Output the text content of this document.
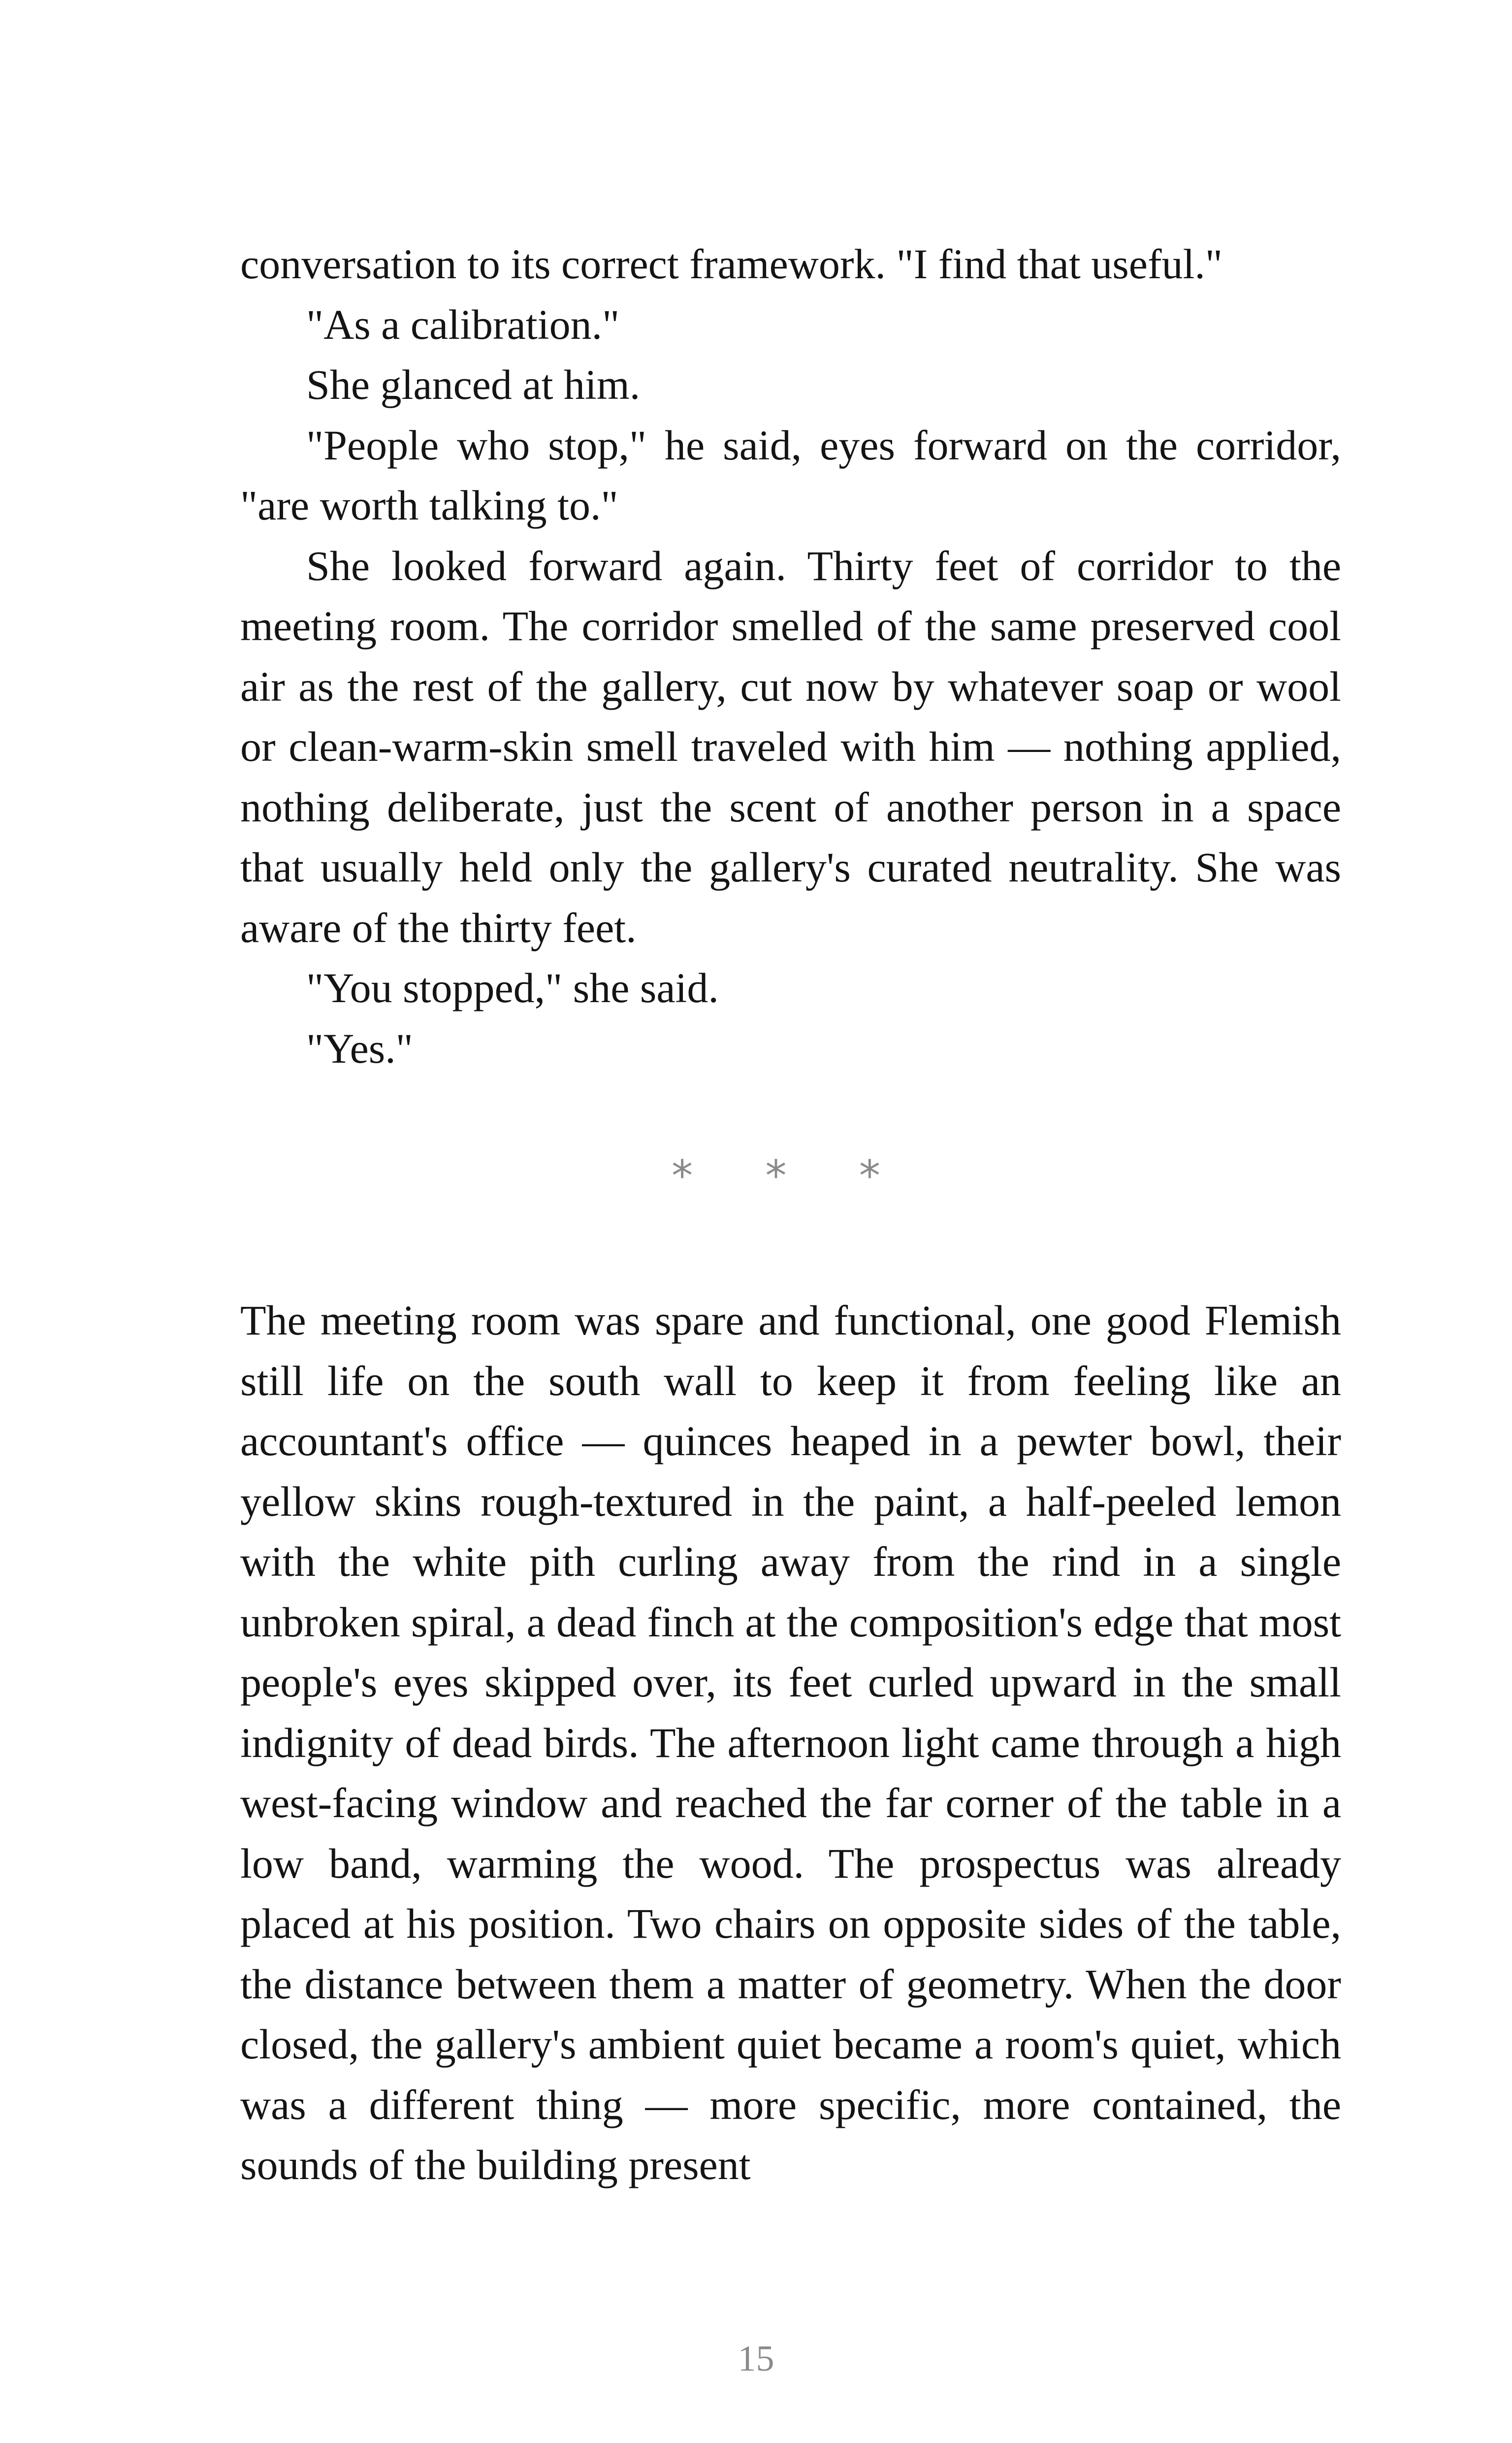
conversation to its correct framework. "I find that useful."

"As a calibration."

She glanced at him.

"People who stop," he said, eyes forward on the corridor, "are worth talking to."

She looked forward again. Thirty feet of corridor to the meeting room. The corridor smelled of the same preserved cool air as the rest of the gallery, cut now by whatever soap or wool or clean-warm-skin smell traveled with him — nothing applied, nothing deliberate, just the scent of another person in a space that usually held only the gallery's curated neutrality. She was aware of the thirty feet.

"You stopped," she said.

"Yes."

* * *

The meeting room was spare and functional, one good Flemish still life on the south wall to keep it from feeling like an accountant's office — quinces heaped in a pewter bowl, their yellow skins rough-textured in the paint, a half-peeled lemon with the white pith curling away from the rind in a single unbroken spiral, a dead finch at the composition's edge that most people's eyes skipped over, its feet curled upward in the small indignity of dead birds. The afternoon light came through a high west-facing window and reached the far corner of the table in a low band, warming the wood. The prospectus was already placed at his position. Two chairs on opposite sides of the table, the distance between them a matter of geometry. When the door closed, the gallery's ambient quiet became a room's quiet, which was a different thing — more specific, more contained, the sounds of the building present

15
